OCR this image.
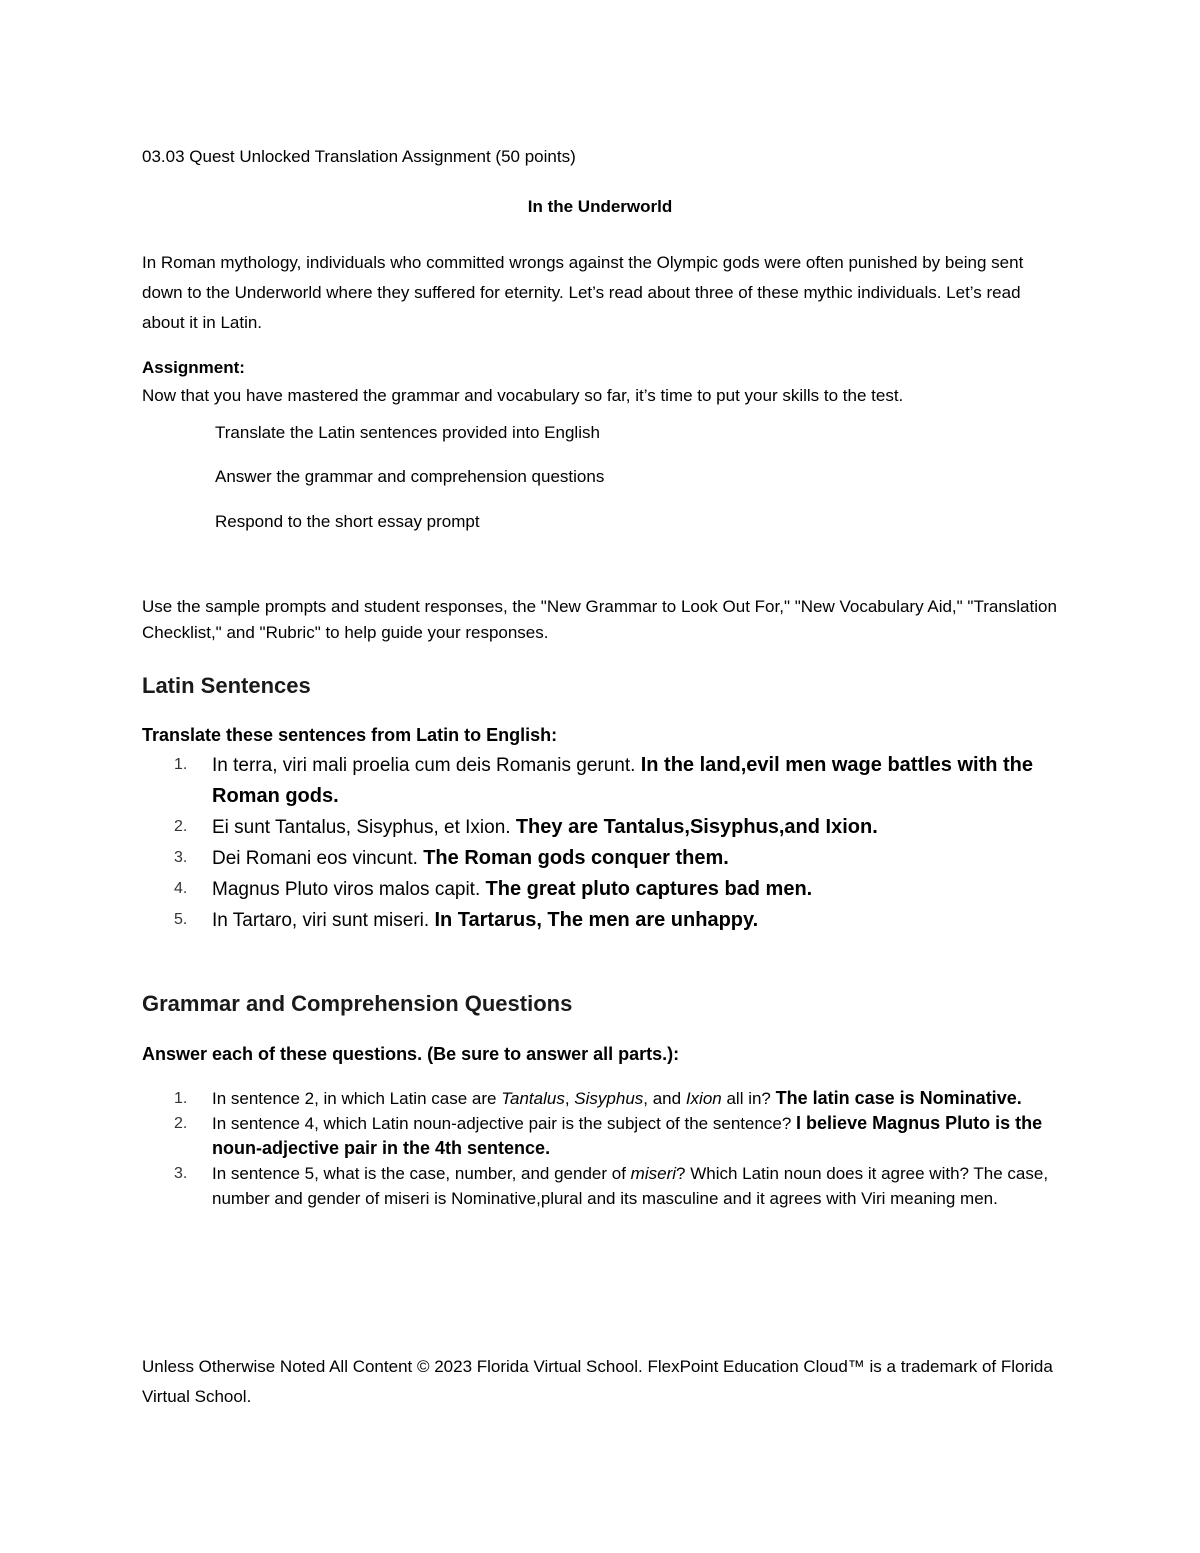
03.03 Quest Unlocked Translation Assignment (50 points)

In the Underworld

In Roman mythology, individuals who committed wrongs against the Olympic gods were often punished by being sent down to the Underworld where they suffered for eternity. Let’s read about three of these mythic individuals. Let’s read about it in Latin.

Assignment:

Now that you have mastered the grammar and vocabulary so far, it’s time to put your skills to the test.

Translate the Latin sentences provided into English

Answer the grammar and comprehension questions

Respond to the short essay prompt

Use the sample prompts and student responses, the "New Grammar to Look Out For," "New Vocabulary Aid," "Translation Checklist," and "Rubric" to help guide your responses.

Latin Sentences

Translate these sentences from Latin to English:

1. In terra, viri mali proelia cum deis Romanis gerunt. In the land,evil men wage battles with the Roman gods.
2. Ei sunt Tantalus, Sisyphus, et Ixion. They are Tantalus,Sisyphus,and Ixion.
3. Dei Romani eos vincunt. The Roman gods conquer them.
4. Magnus Pluto viros malos capit. The great pluto captures bad men.
5. In Tartaro, viri sunt miseri. In Tartarus, The men are unhappy.
Grammar and Comprehension Questions

Answer each of these questions. (Be sure to answer all parts.):

1. In sentence 2, in which Latin case are Tantalus, Sisyphus, and Ixion all in? The latin case is Nominative.
2. In sentence 4, which Latin noun-adjective pair is the subject of the sentence? I believe Magnus Pluto is the noun-adjective pair in the 4th sentence.
3. In sentence 5, what is the case, number, and gender of miseri? Which Latin noun does it agree with? The case, number and gender of miseri is Nominative,plural and its masculine and it agrees with Viri meaning men.

Unless Otherwise Noted All Content © 2023 Florida Virtual School. FlexPoint Education Cloud™ is a trademark of Florida Virtual School.
